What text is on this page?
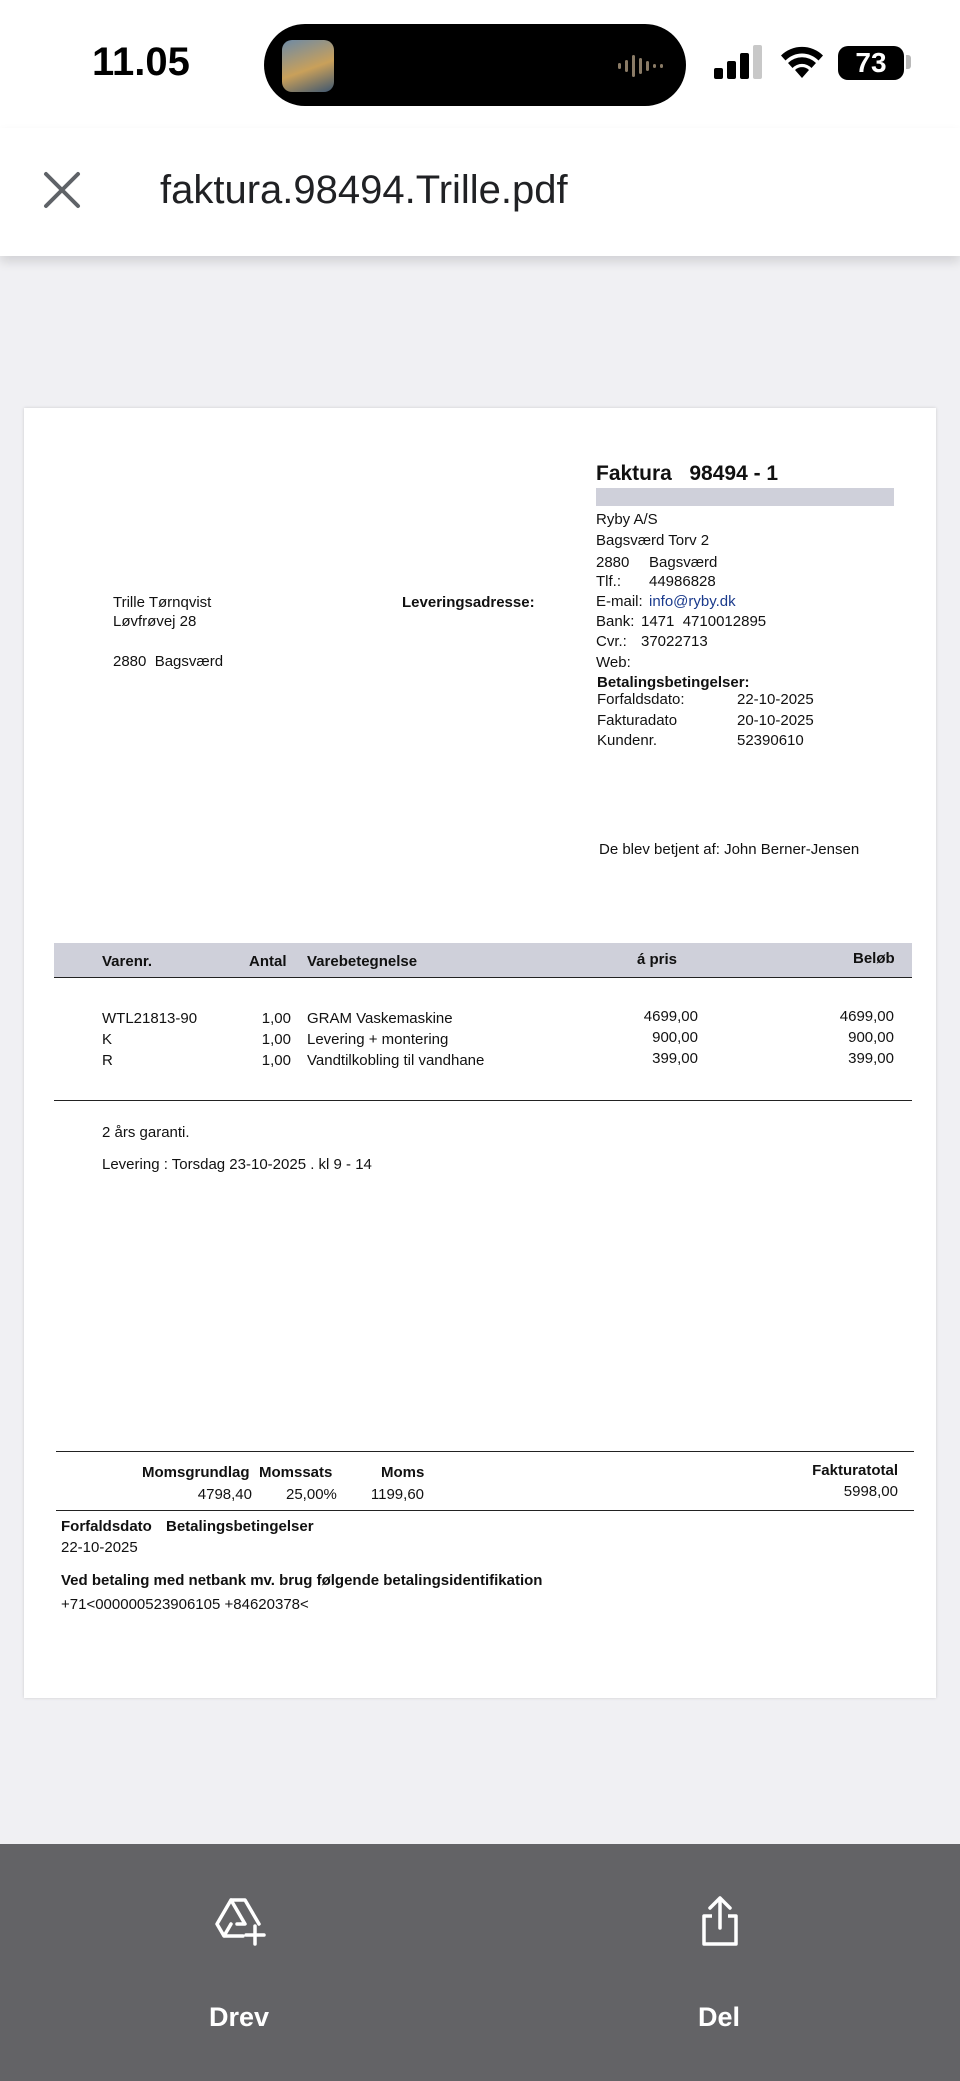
11.05	73
faktura.98494.Trille.pdf
Faktura   98494 - 1
Ryby A/S
Bagsværd Torv 2
2880 Bagsværd
Tlf.: 44986828
E-mail: info@ryby.dk
Bank: 1471  4710012895
Cvr.: 37022713
Web:
Betalingsbetingelser:
Forfaldsdato:	22-10-2025
Fakturadato	20-10-2025
Kundenr.	52390610
Trille Tørnqvist
Løvfrøvej 28
2880  Bagsværd
Leveringsadresse:
De blev betjent af: John Berner-Jensen
Varenr.	Antal Varebetegnelse	á pris	Beløb
WTL21813-90	1,00 GRAM Vaskemaskine	4699,00	4699,00
K	1,00 Levering + montering	900,00	900,00
R	1,00 Vandtilkobling til vandhane	399,00	399,00
2 års garanti.
Levering : Torsdag 23-10-2025 . kl 9 - 14
Momsgrundlag
4798,40
Momssats
25,00%
Moms
1199,60
Fakturatotal
5998,00
Forfaldsdato Betalingsbetingelser
22-10-2025
Ved betaling med netbank mv. brug følgende betalingsidentifikation
+71<000000523906105 +84620378<
Drev	Del
